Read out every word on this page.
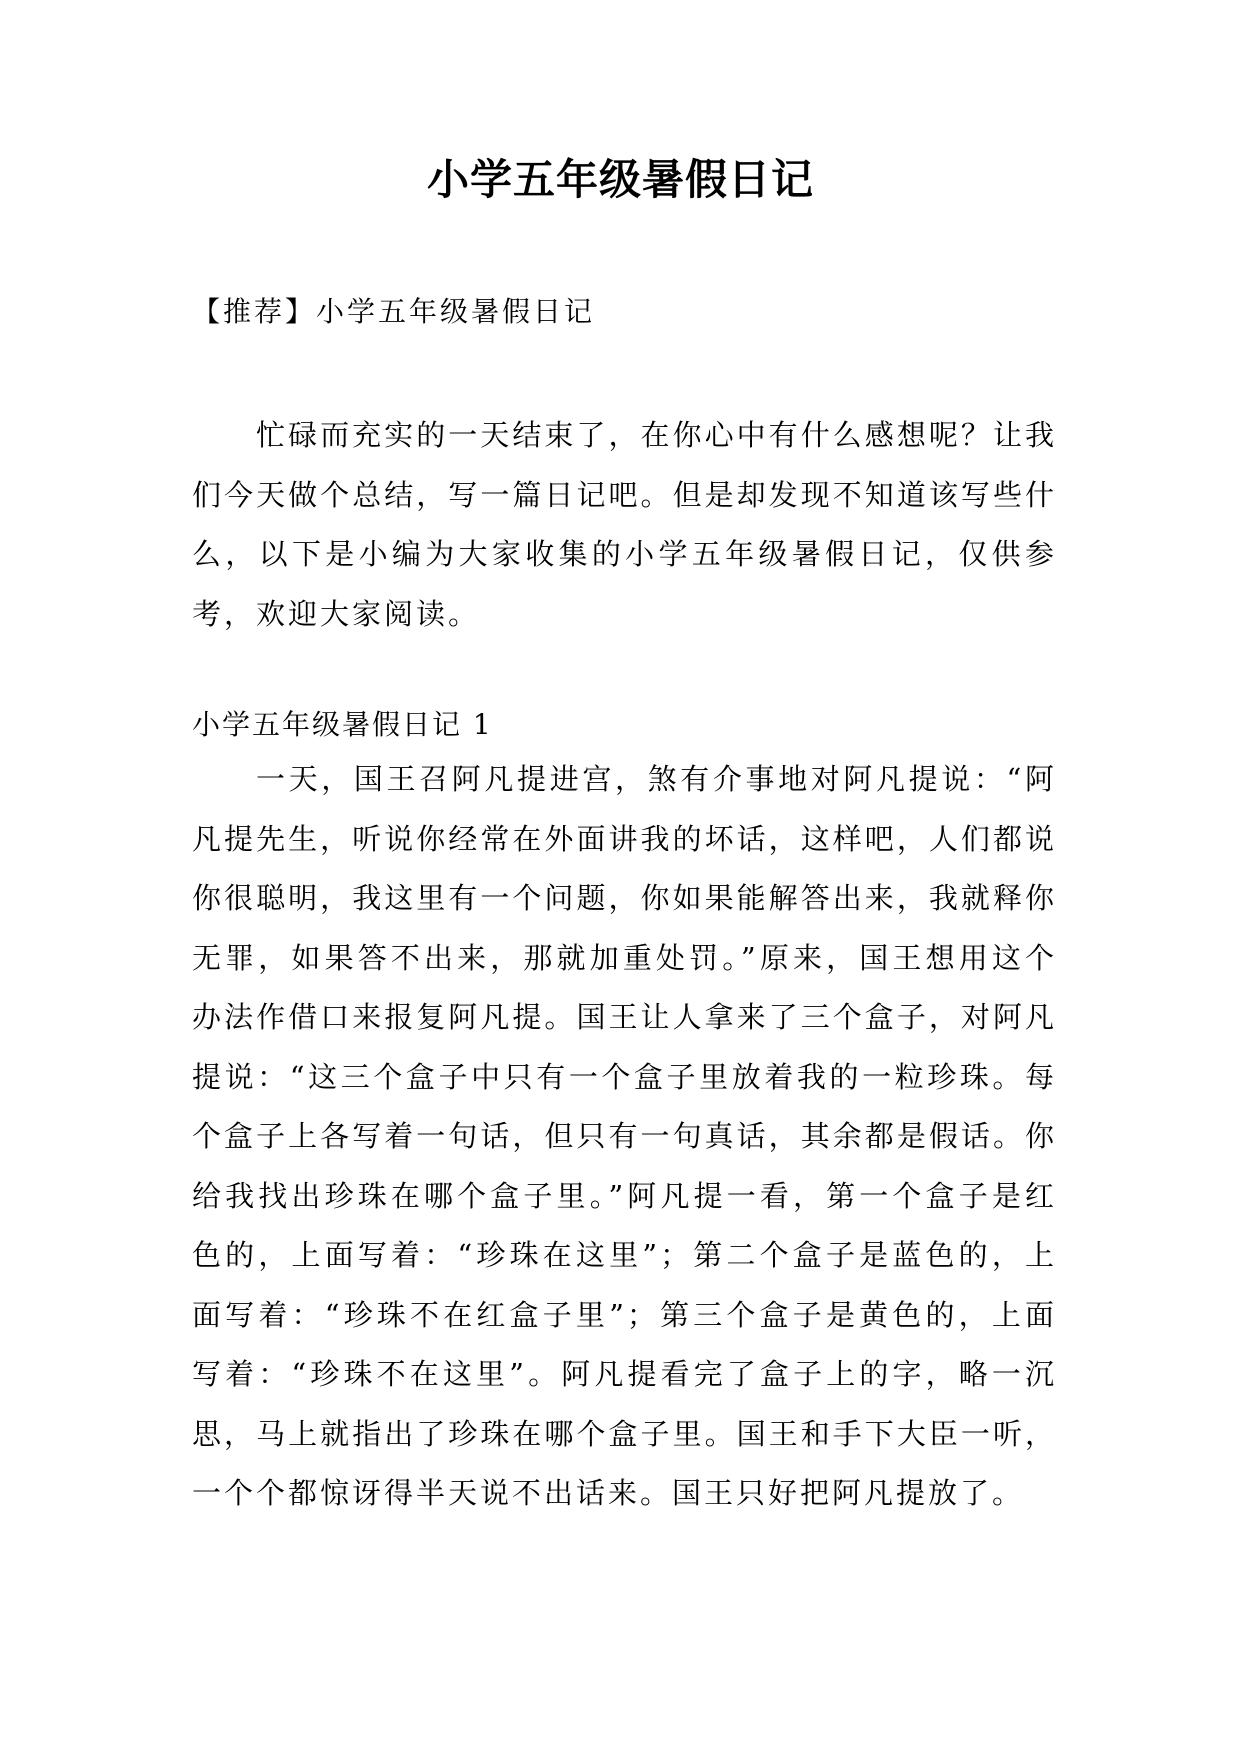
小学五年级暑假日记
【推荐】小学五年级暑假日记
忙碌而充实的一天结束了，在你心中有什么感想呢？让我们今天做个总结，写一篇日记吧。但是却发现不知道该写些什么，以下是小编为大家收集的小学五年级暑假日记，仅供参考，欢迎大家阅读。
小学五年级暑假日记 1
一天，国王召阿凡提进宫，煞有介事地对阿凡提说：“阿凡提先生，听说你经常在外面讲我的坏话，这样吧，人们都说你很聪明，我这里有一个问题，你如果能解答出来，我就释你无罪，如果答不出来，那就加重处罚。”原来，国王想用这个办法作借口来报复阿凡提。国王让人拿来了三个盒子，对阿凡提说：“这三个盒子中只有一个盒子里放着我的一粒珍珠。每个盒子上各写着一句话，但只有一句真话，其余都是假话。你给我找出珍珠在哪个盒子里。”阿凡提一看，第一个盒子是红色的，上面写着：“珍珠在这里”；第二个盒子是蓝色的，上面写着：“珍珠不在红盒子里”；第三个盒子是黄色的，上面写着：“珍珠不在这里”。阿凡提看完了盒子上的字，略一沉思，马上就指出了珍珠在哪个盒子里。国王和手下大臣一听，一个个都惊讶得半天说不出话来。国王只好把阿凡提放了。
